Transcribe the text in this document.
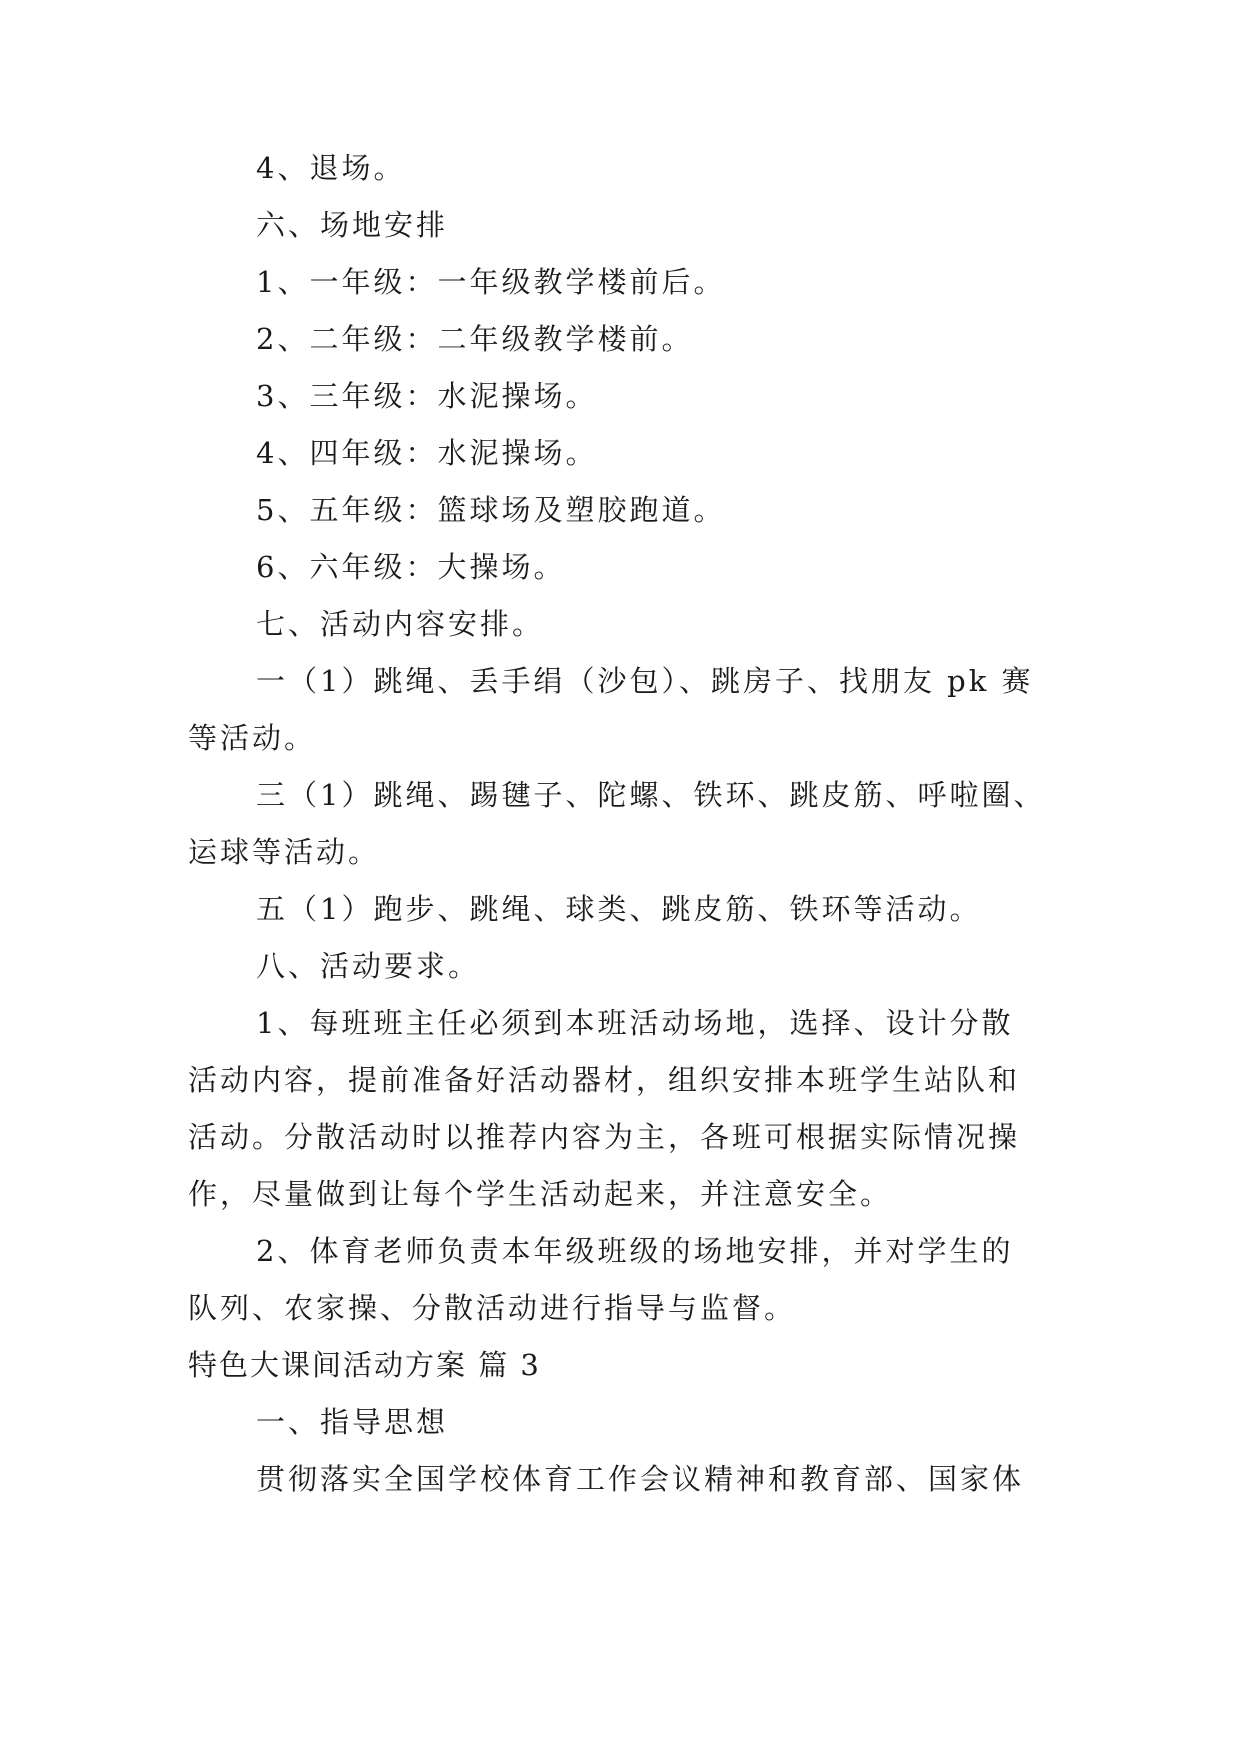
4、退场。
六、场地安排
1、一年级：一年级教学楼前后。
2、二年级：二年级教学楼前。
3、三年级：水泥操场。
4、四年级：水泥操场。
5、五年级：篮球场及塑胶跑道。
6、六年级：大操场。
七、活动内容安排。
一（1）跳绳、丢手绢（沙包）、跳房子、找朋友 pk 赛
等活动。
三（1）跳绳、踢毽子、陀螺、铁环、跳皮筋、呼啦圈、
运球等活动。
五（1）跑步、跳绳、球类、跳皮筋、铁环等活动。
八、活动要求。
1、每班班主任必须到本班活动场地，选择、设计分散
活动内容，提前准备好活动器材，组织安排本班学生站队和
活动。分散活动时以推荐内容为主，各班可根据实际情况操
作，尽量做到让每个学生活动起来，并注意安全。
2、体育老师负责本年级班级的场地安排，并对学生的
队列、农家操、分散活动进行指导与监督。
特色大课间活动方案 篇 3
一、指导思想
贯彻落实全国学校体育工作会议精神和教育部、国家体
